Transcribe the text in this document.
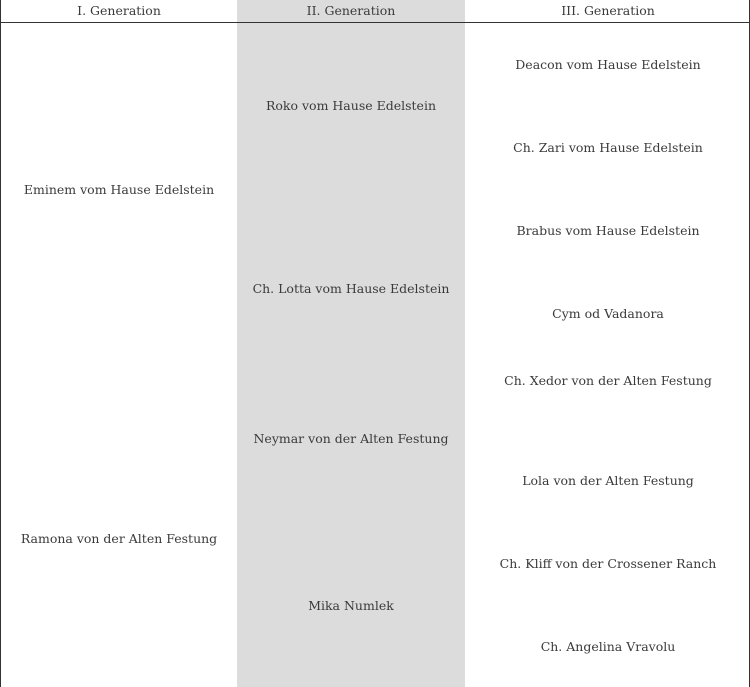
Eminem vom Hause Edelstein
Ramona von der Alten Festung
Roko vom Hause Edelstein
Ch. Lotta vom Hause Edelstein
Neymar von der Alten Festung
Mika Numlek
Deacon vom Hause Edelstein
Ch. Zari vom Hause Edelstein
Brabus vom Hause Edelstein
Cym od Vadanora
Ch. Xedor von der Alten Festung
Lola von der Alten Festung
Ch. Kliff von der Crossener Ranch
Ch. Angelina Vravolu
I. Generation	II. Generation	III. Generation
